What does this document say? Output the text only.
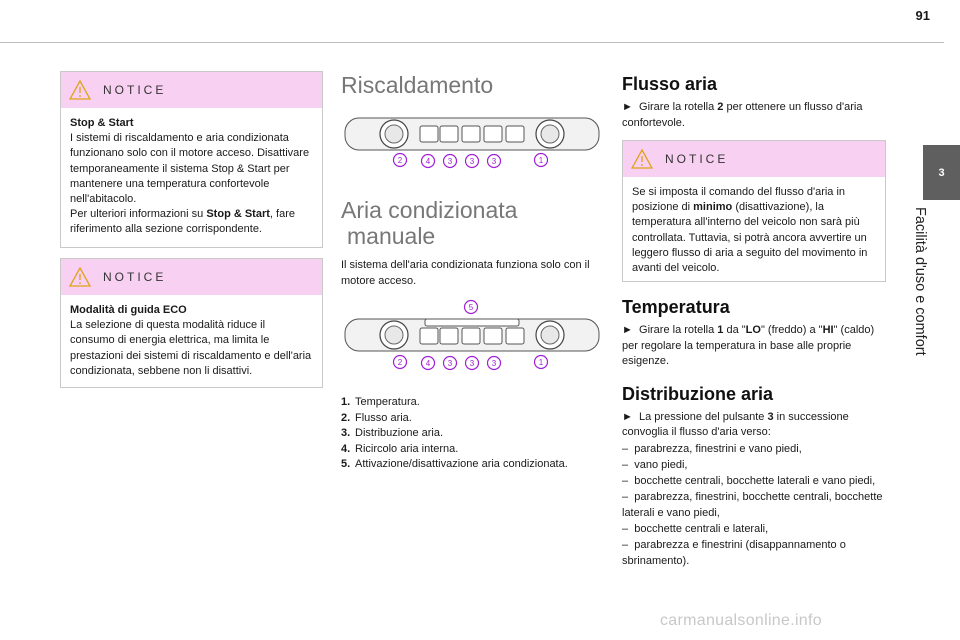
91
3
Facilità d'uso e comfort
NOTICE

Stop & Start

I sistemi di riscaldamento e aria condizionata funzionano solo con il motore acceso. Disattivare temporaneamente il sistema Stop & Start per mantenere una temperatura confortevole nell'abitacolo.

Per ulteriori informazioni su Stop & Start, fare riferimento alla sezione corrispondente.

NOTICE

Modalità di guida ECO

La selezione di questa modalità riduce il consumo di energia elettrica, ma limita le prestazioni dei sistemi di riscaldamento e dell'aria condizionata, sebbene non li disattivi.

Riscaldamento
2	4 3 3 3	1
Aria condizionata
manuale

Il sistema dell'aria condizionata funziona solo con il motore acceso.

5
2	4 3 3 3	1
1. Temperatura.
2. Flusso aria.
3. Distribuzione aria.
4. Ricircolo aria interna.
5. Attivazione/disattivazione aria condizionata.
Flusso aria

► Girare la rotella 2 per ottenere un flusso d'aria confortevole.

NOTICE

Se si imposta il comando del flusso d'aria in posizione di minimo (disattivazione), la temperatura all'interno del veicolo non sarà più controllata. Tuttavia, si potrà ancora avvertire un leggero flusso di aria a seguito del movimento in avanti del veicolo.

Temperatura

► Girare la rotella 1 da "LO" (freddo) a "HI" (caldo) per regolare la temperatura in base alle proprie esigenze.

Distribuzione aria

► La pressione del pulsante 3 in successione convoglia il flusso d'aria verso:

– parabrezza, finestrini e vano piedi,
– vano piedi,
– bocchette centrali, bocchette laterali e vano piedi,
– parabrezza, finestrini, bocchette centrali, bocchette laterali e vano piedi,
– bocchette centrali e laterali,
– parabrezza e finestrini (disappannamento o sbrinamento).
carmanualsonline.info
